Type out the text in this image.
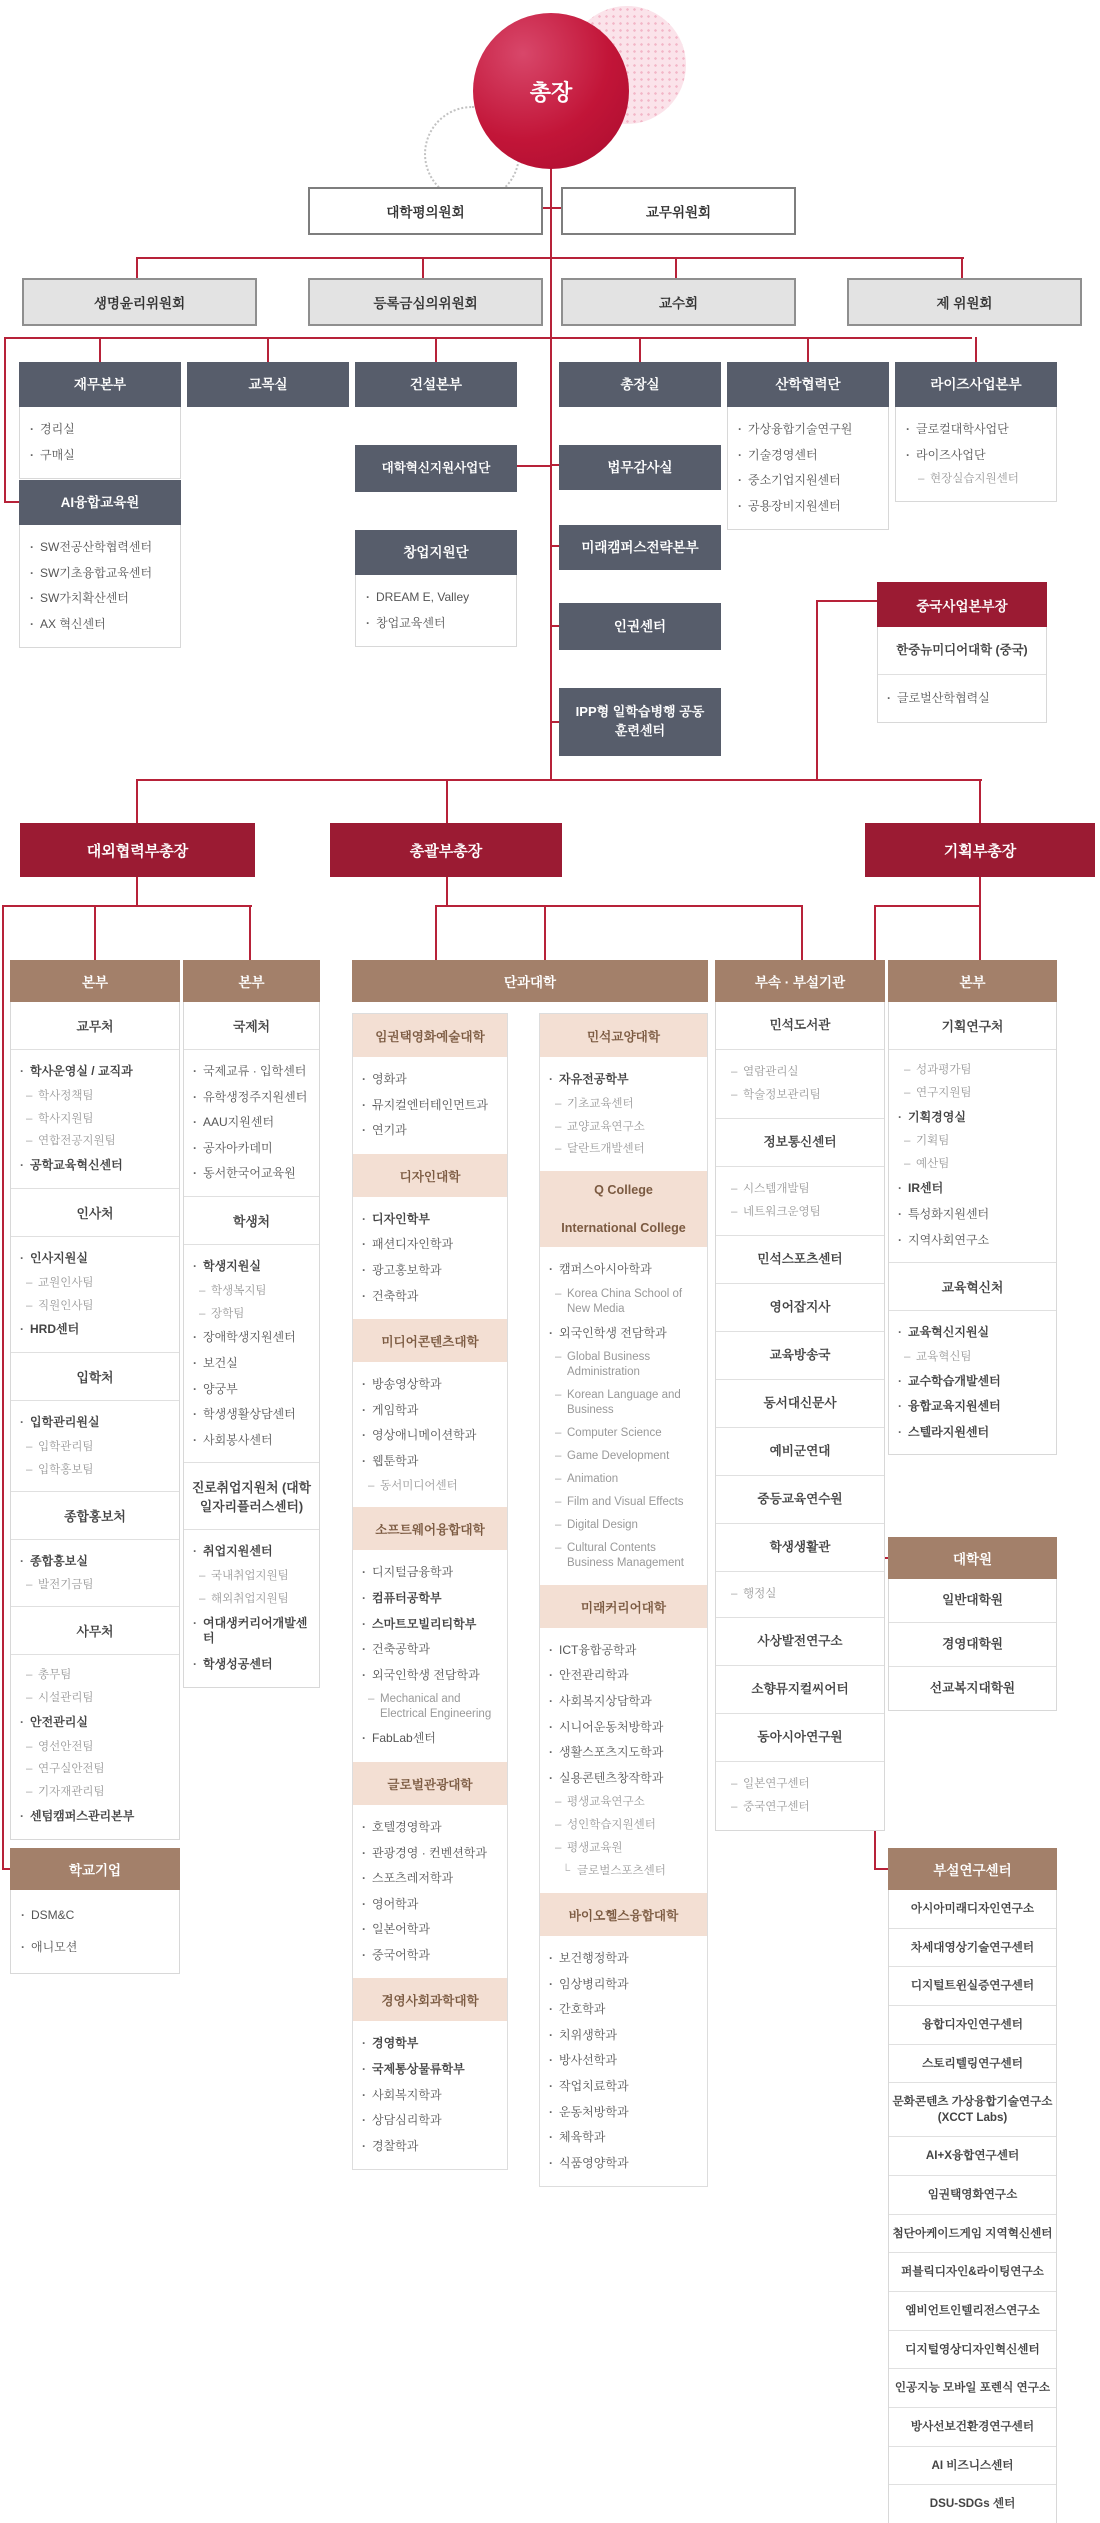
총장
대학평의원회	교무위원회
생명윤리위원회	등록금심의위원회	교수회	제 위원회
재무본부
· 경리실
· 구매실
교목실	건설본부	총장실	산학협력단
· 가상융합기술연구원
· 기술경영센터
· 중소기업지원센터
· 공용장비지원센터
라이즈사업본부
· 글로컬대학사업단
· 라이즈사업단
– 현장실습지원센터
AI융합교육원
· SW전공산학협력센터
· SW기초융합교육센터
· SW가치확산센터
· AX 혁신센터
대학혁신지원사업단
창업지원단
· DREAM E, Valley
· 창업교육센터
법무감사실
미래캠퍼스전략본부
인권센터
IPP형 일학습병행 공동훈련센터
중국사업본부장
한중뉴미디어대학 (중국)
· 글로벌산학협력실
대외협력부총장	총괄부총장	기획부총장
본부
교무처
· 학사운영실 / 교직과
– 학사정책팀
– 학사지원팀
– 연합전공지원팀
· 공학교육혁신센터
인사처
· 인사지원실
– 교원인사팀
– 직원인사팀
· HRD센터
입학처
· 입학관리원실
– 입학관리팀
– 입학홍보팀
종합홍보처
· 종합홍보실
– 발전기금팀
사무처
– 총무팀
– 시설관리팀
· 안전관리실
– 영선안전팀
– 연구실안전팀
– 기자재관리팀
· 센텀캠퍼스관리본부
학교기업
· DSM&C
· 애니모션
본부
국제처
· 국제교류 · 입학센터
· 유학생정주지원센터
· AAU지원센터
· 공자아카데미
· 동서한국어교육원
학생처
· 학생지원실
– 학생복지팀
– 장학팀
· 장애학생지원센터
· 보건실
· 양궁부
· 학생생활상담센터
· 사회봉사센터
진로취업지원처 (대학일자리플러스센터)
· 취업지원센터
– 국내취업지원팀
– 해외취업지원팀
· 여대생커리어개발센터
· 학생성공센터
단과대학
임권택영화예술대학
· 영화과
· 뮤지컬엔터테인먼트과
· 연기과
디자인대학
· 디자인학부
· 패션디자인학과
· 광고홍보학과
· 건축학과
미디어콘텐츠대학
· 방송영상학과
· 게임학과
· 영상애니메이션학과
· 웹툰학과
– 동서미디어센터
소프트웨어융합대학
· 디지털금융학과
· 컴퓨터공학부
· 스마트모빌리티학부
· 건축공학과
· 외국인학생 전담학과
– Mechanical and Electrical Engineering
· FabLab센터
글로벌관광대학
· 호텔경영학과
· 관광경영 · 컨벤션학과
· 스포츠레저학과
· 영어학과
· 일본어학과
· 중국어학과
경영사회과학대학
· 경영학부
· 국제통상물류학부
· 사회복지학과
· 상담심리학과
· 경찰학과
민석교양대학
· 자유전공학부
– 기초교육센터
– 교양교육연구소
– 달란트개발센터
Q College
International College
· 캠퍼스아시아학과
– Korea China School of New Media
· 외국인학생 전담학과
– Global Business Administration
– Korean Language and Business
– Computer Science
– Game Development
– Animation
– Film and Visual Effects
– Digital Design
– Cultural Contents Business Management
미래커리어대학
· ICT융합공학과
· 안전관리학과
· 사회복지상담학과
· 시니어운동처방학과
· 생활스포츠지도학과
· 실용콘텐츠창작학과
– 평생교육연구소
– 성인학습지원센터
– 평생교육원
└ 글로벌스포츠센터
바이오헬스융합대학
· 보건행정학과
· 임상병리학과
· 간호학과
· 치위생학과
· 방사선학과
· 작업치료학과
· 운동처방학과
· 체육학과
· 식품영양학과
부속 · 부설기관
민석도서관
– 열람관리실
– 학술정보관리팀
정보통신센터
– 시스템개발팀
– 네트워크운영팀
민석스포츠센터
영어잡지사
교육방송국
동서대신문사
예비군연대
중등교육연수원
학생생활관
– 행정실
사상발전연구소
소향뮤지컬씨어터
동아시아연구원
– 일본연구센터
– 중국연구센터
본부
기획연구처
– 성과평가팀
– 연구지원팀
· 기획경영실
– 기획팀
– 예산팀
· IR센터
· 특성화지원센터
· 지역사회연구소
교육혁신처
· 교육혁신지원실
– 교육혁신팀
· 교수학습개발센터
· 융합교육지원센터
· 스텔라지원센터
대학원
일반대학원
경영대학원
선교복지대학원
부설연구센터
아시아미래디자인연구소
차세대영상기술연구센터
디지털트윈실증연구센터
융합디자인연구센터
스토리텔링연구센터
문화콘텐츠 가상융합기술연구소 (XCCT Labs)
AI+X융합연구센터
임권택영화연구소
첨단아케이드게임 지역혁신센터
퍼블릭디자인&라이팅연구소
엠비언트인텔리전스연구소
디지털영상디자인혁신센터
인공지능 모바일 포렌식 연구소
방사선보건환경연구센터
AI 비즈니스센터
DSU-SDGs 센터
